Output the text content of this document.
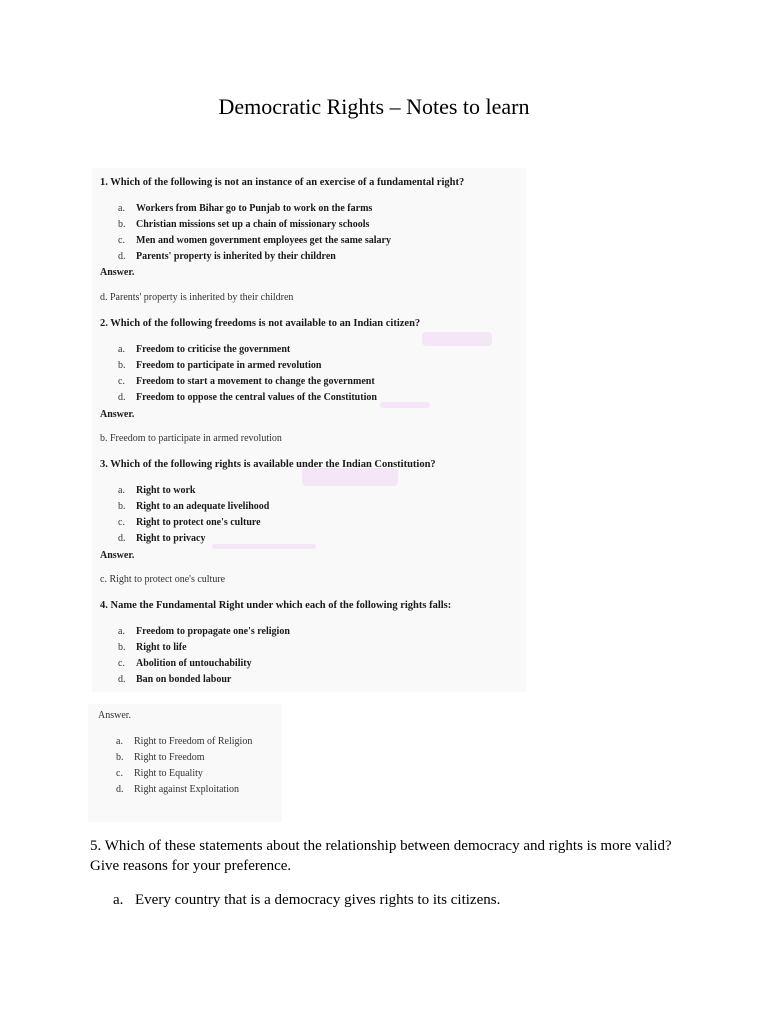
Democratic Rights – Notes to learn
1. Which of the following is not an instance of an exercise of a fundamental right?
a. Workers from Bihar go to Punjab to work on the farms
b. Christian missions set up a chain of missionary schools
c. Men and women government employees get the same salary
d. Parents' property is inherited by their children
Answer.
d. Parents' property is inherited by their children
2. Which of the following freedoms is not available to an Indian citizen?
a. Freedom to criticise the government
b. Freedom to participate in armed revolution
c. Freedom to start a movement to change the government
d. Freedom to oppose the central values of the Constitution
Answer.
b. Freedom to participate in armed revolution
3. Which of the following rights is available under the Indian Constitution?
a. Right to work
b. Right to an adequate livelihood
c. Right to protect one's culture
d. Right to privacy
Answer.
c. Right to protect one's culture
4. Name the Fundamental Right under which each of the following rights falls:
a. Freedom to propagate one's religion
b. Right to life
c. Abolition of untouchability
d. Ban on bonded labour
Answer.
a. Right to Freedom of Religion
b. Right to Freedom
c. Right to Equality
d. Right against Exploitation
5. Which of these statements about the relationship between democracy and rights is more valid? Give reasons for your preference.
a. Every country that is a democracy gives rights to its citizens.
